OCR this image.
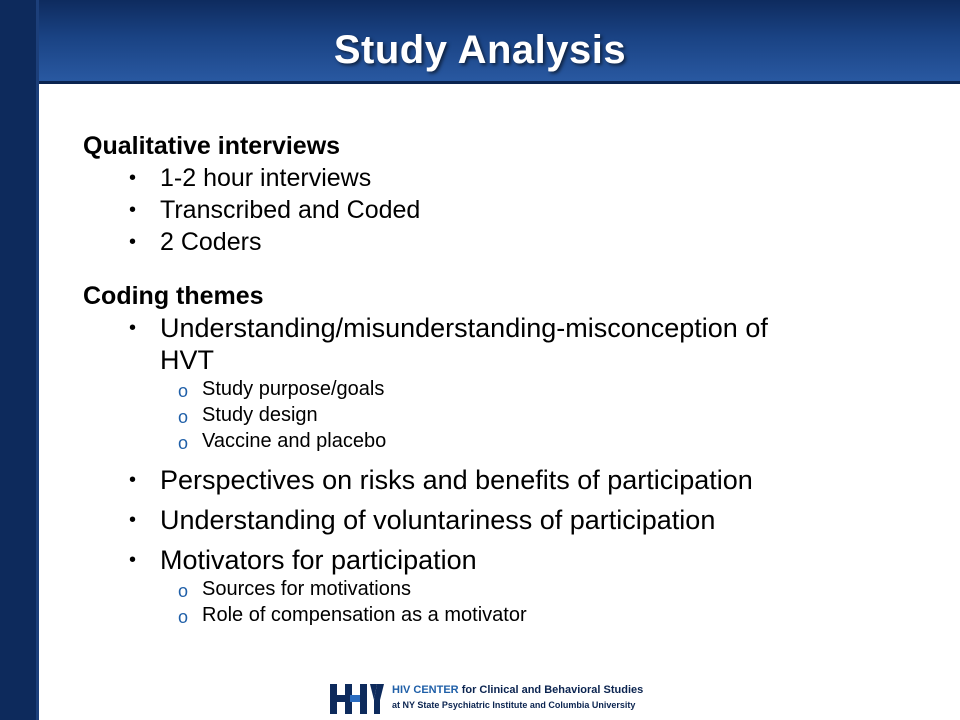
Study Analysis

Qualitative interviews

• 1-2 hour interviews
• Transcribed and Coded
• 2 Coders

Coding themes

• Understanding/misunderstanding-misconception of
HVT
o Study purpose/goals
o Study design
o Vaccine and placebo
• Perspectives on risks and benefits of participation
• Understanding of voluntariness of participation
• Motivators for participation
o Sources for motivations
o Role of compensation as a motivator
HIV CENTER for Clinical and Behavioral Studies
at NY State Psychiatric Institute and Columbia University
